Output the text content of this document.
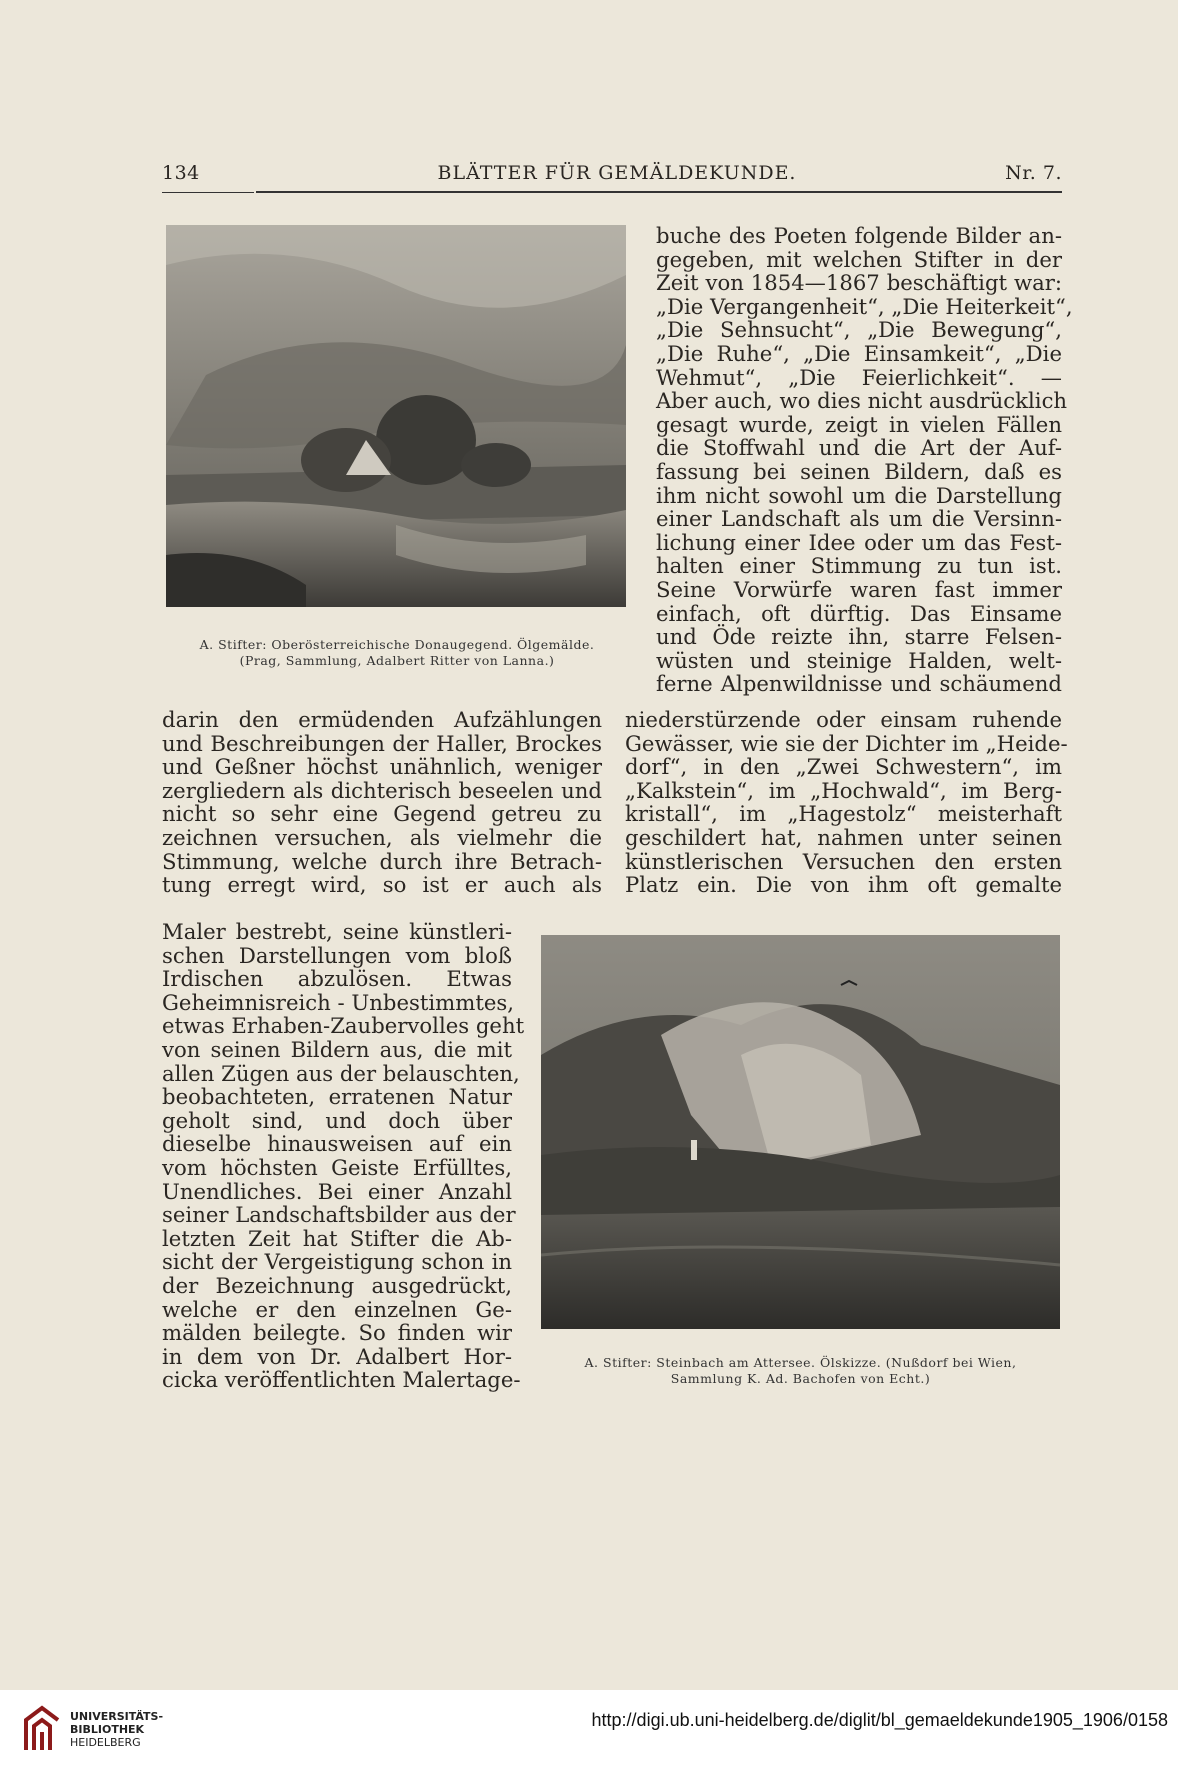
134	BLÄTTER FÜR GEMÄLDEKUNDE.	Nr. 7.
A. Stifter: Oberösterreichische Donaugegend. Ölgemälde.
(Prag, Sammlung, Adalbert Ritter von Lanna.)
buche des Poeten folgende Bilder an-
gegeben, mit welchen Stifter in der
Zeit von 1854—1867 beschäftigt war:
„Die Vergangenheit“, „Die Heiterkeit“,
„Die Sehnsucht“, „Die Bewegung“,
„Die Ruhe“, „Die Einsamkeit“, „Die
Wehmut“, „Die Feierlichkeit“. —
Aber auch, wo dies nicht ausdrücklich
gesagt wurde, zeigt in vielen Fällen
die Stoffwahl und die Art der Auf-
fassung bei seinen Bildern, daß es
ihm nicht sowohl um die Darstellung
einer Landschaft als um die Versinn-
lichung einer Idee oder um das Fest-
halten einer Stimmung zu tun ist.
Seine Vorwürfe waren fast immer
einfach, oft dürftig. Das Einsame
und Öde reizte ihn, starre Felsen-
wüsten und steinige Halden, welt-
ferne Alpenwildnisse und schäumend
darin den ermüdenden Aufzählungen
und Beschreibungen der Haller, Brockes
und Geßner höchst unähnlich, weniger
zergliedern als dichterisch beseelen und
nicht so sehr eine Gegend getreu zu
zeichnen versuchen, als vielmehr die
Stimmung, welche durch ihre Betrach-
tung erregt wird, so ist er auch als
niederstürzende oder einsam ruhende
Gewässer, wie sie der Dichter im „Heide-
dorf“, in den „Zwei Schwestern“, im
„Kalkstein“, im „Hochwald“, im Berg-
kristall“, im „Hagestolz“ meisterhaft
geschildert hat, nahmen unter seinen
künstlerischen Versuchen den ersten
Platz ein. Die von ihm oft gemalte
Maler bestrebt, seine künstleri-
schen Darstellungen vom bloß
Irdischen abzulösen. Etwas
Geheimnisreich - Unbestimmtes,
etwas Erhaben-Zaubervolles geht
von seinen Bildern aus, die mit
allen Zügen aus der belauschten,
beobachteten, erratenen Natur
geholt sind, und doch über
dieselbe hinausweisen auf ein
vom höchsten Geiste Erfülltes,
Unendliches. Bei einer Anzahl
seiner Landschaftsbilder aus der
letzten Zeit hat Stifter die Ab-
sicht der Vergeistigung schon in
der Bezeichnung ausgedrückt,
welche er den einzelnen Ge-
mälden beilegte. So finden wir
in dem von Dr. Adalbert Hor-
cicka veröffentlichten Malertage-
A. Stifter: Steinbach am Attersee. Ölskizze. (Nußdorf bei Wien,
Sammlung K. Ad. Bachofen von Echt.)
UNIVERSITÄTS-
BIBLIOTHEK
HEIDELBERG
http://digi.ub.uni-heidelberg.de/diglit/bl_gemaeldekunde1905_1906/0158
